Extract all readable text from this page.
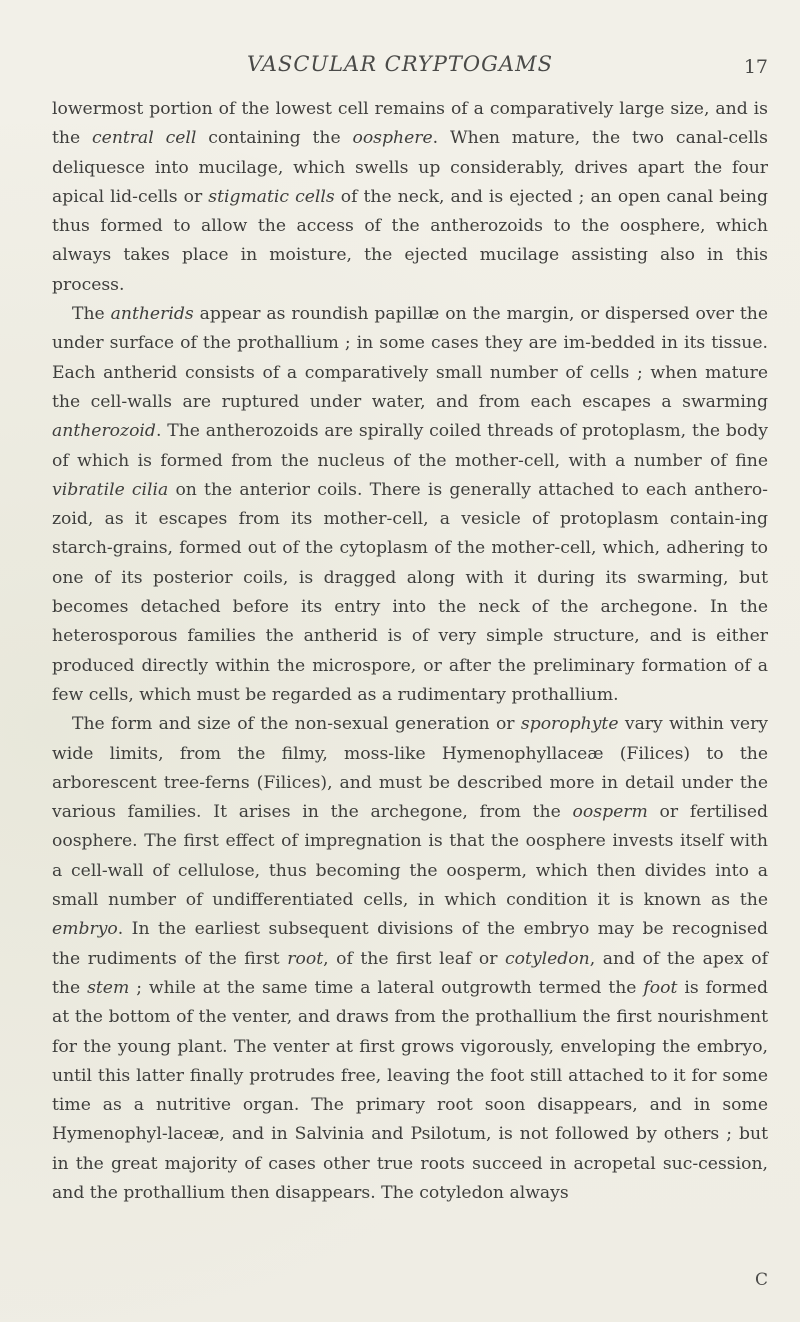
VASCULAR CRYPTOGAMS	17

lowermost portion of the lowest cell remains of a comparatively large size, and is the central cell containing the oosphere. When mature, the two canal-cells deliquesce into mucilage, which swells up considerably, drives apart the four apical lid-cells or stigmatic cells of the neck, and is ejected ; an open canal being thus formed to allow the access of the antherozoids to the oosphere, which always takes place in moisture, the ejected mucilage assisting also in this process.

The antherids appear as roundish papillæ on the margin, or dispersed over the under surface of the prothallium ; in some cases they are im-bedded in its tissue. Each antherid consists of a comparatively small number of cells ; when mature the cell-walls are ruptured under water, and from each escapes a swarming antherozoid. The antherozoids are spirally coiled threads of protoplasm, the body of which is formed from the nucleus of the mother-cell, with a number of fine vibratile cilia on the anterior coils. There is generally attached to each anthero-zoid, as it escapes from its mother-cell, a vesicle of protoplasm contain-ing starch-grains, formed out of the cytoplasm of the mother-cell, which, adhering to one of its posterior coils, is dragged along with it during its swarming, but becomes detached before its entry into the neck of the archegone. In the heterosporous families the antherid is of very simple structure, and is either produced directly within the microspore, or after the preliminary formation of a few cells, which must be regarded as a rudimentary prothallium.

The form and size of the non-sexual generation or sporophyte vary within very wide limits, from the filmy, moss-like Hymenophyllaceæ (Filices) to the arborescent tree-ferns (Filices), and must be described more in detail under the various families. It arises in the archegone, from the oosperm or fertilised oosphere. The first effect of impregnation is that the oosphere invests itself with a cell-wall of cellulose, thus becoming the oosperm, which then divides into a small number of undifferentiated cells, in which condition it is known as the embryo. In the earliest subsequent divisions of the embryo may be recognised the rudiments of the first root, of the first leaf or cotyledon, and of the apex of the stem ; while at the same time a lateral outgrowth termed the foot is formed at the bottom of the venter, and draws from the prothallium the first nourishment for the young plant. The venter at first grows vigorously, enveloping the embryo, until this latter finally protrudes free, leaving the foot still attached to it for some time as a nutritive organ. The primary root soon disappears, and in some Hymenophyl-laceæ, and in Salvinia and Psilotum, is not followed by others ; but in the great majority of cases other true roots succeed in acropetal suc-cession, and the prothallium then disappears. The cotyledon always

C
